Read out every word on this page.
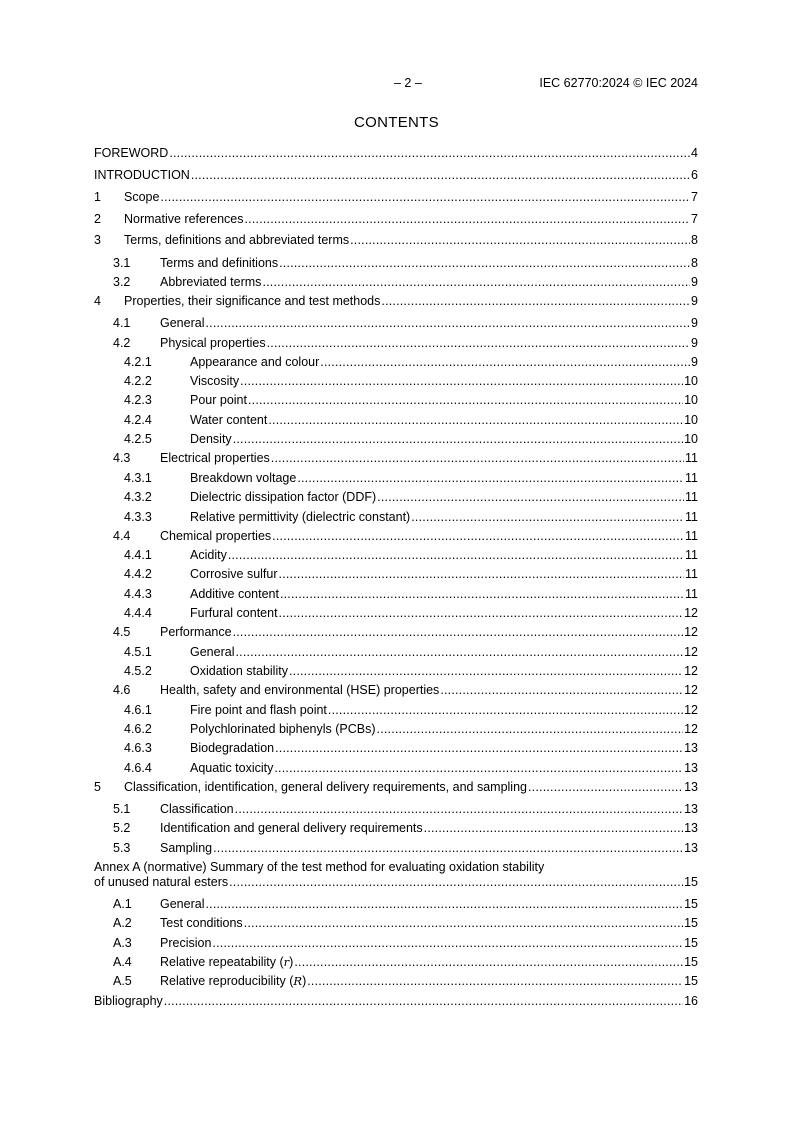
– 2 –	IEC 62770:2024 © IEC 2024
CONTENTS
FOREWORD .....	4
INTRODUCTION .....	6
1	Scope .....	7
2	Normative references .....	7
3	Terms, definitions and abbreviated terms .....	8
3.1	Terms and definitions .....	8
3.2	Abbreviated terms .....	9
4	Properties, their significance and test methods .....	9
4.1	General .....	9
4.2	Physical properties .....	9
4.2.1	Appearance and colour .....	9
4.2.2	Viscosity .....	10
4.2.3	Pour point .....	10
4.2.4	Water content .....	10
4.2.5	Density .....	10
4.3	Electrical properties .....	11
4.3.1	Breakdown voltage .....	11
4.3.2	Dielectric dissipation factor (DDF) .....	11
4.3.3	Relative permittivity (dielectric constant) .....	11
4.4	Chemical properties .....	11
4.4.1	Acidity .....	11
4.4.2	Corrosive sulfur .....	11
4.4.3	Additive content .....	11
4.4.4	Furfural content .....	12
4.5	Performance .....	12
4.5.1	General .....	12
4.5.2	Oxidation stability .....	12
4.6	Health, safety and environmental (HSE) properties .....	12
4.6.1	Fire point and flash point .....	12
4.6.2	Polychlorinated biphenyls (PCBs) .....	12
4.6.3	Biodegradation .....	13
4.6.4	Aquatic toxicity .....	13
5	Classification, identification, general delivery requirements, and sampling .....	13
5.1	Classification .....	13
5.2	Identification and general delivery requirements .....	13
5.3	Sampling .....	13
Annex A (normative) Summary of the test method for evaluating oxidation stability
of unused natural esters .....	15
A.1	General .....	15
A.2	Test conditions .....	15
A.3	Precision .....	15
A.4	Relative repeatability (r) .....	15
A.5	Relative reproducibility (R) .....	15
Bibliography .....	16
